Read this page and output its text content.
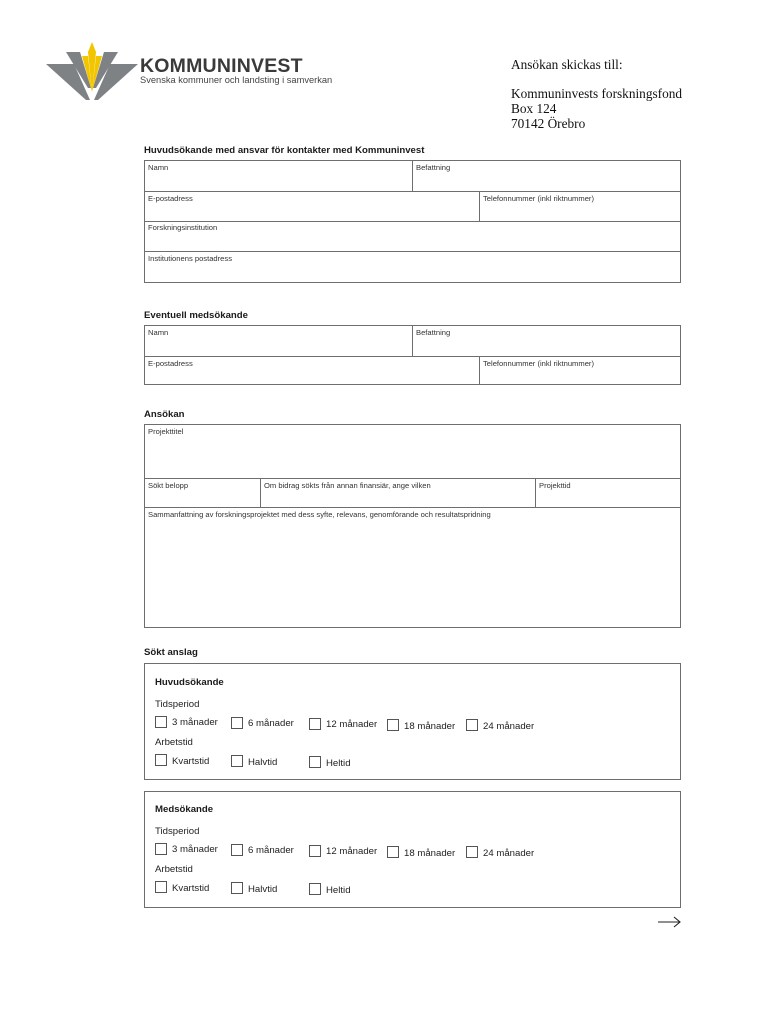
KOMMUNINVEST
Svenska kommuner och landsting i samverkan
Ansökan skickas till:
Kommuninvests forskningsfond
Box 124
70142 Örebro
Huvudsökande med ansvar för kontakter med Kommuninvest
Namn	Befattning
E-postadress	Telefonnummer (inkl riktnummer)
Forskningsinstitution
Institutionens postadress
Eventuell medsökande
Namn	Befattning
E-postadress	Telefonnummer (inkl riktnummer)
Ansökan
Projekttitel
Sökt belopp	Om bidrag sökts från annan finansiär, ange vilken	Projekttid
Sammanfattning av forskningsprojektet med dess syfte, relevans, genomförande och resultatspridning
Sökt anslag
Huvudsökande
Tidsperiod
3 månader	6 månader	12 månader	18 månader	24 månader
Arbetstid
Kvartstid	Halvtid	Heltid
Medsökande
Tidsperiod
3 månader	6 månader	12 månader	18 månader	24 månader
Arbetstid
Kvartstid	Halvtid	Heltid
